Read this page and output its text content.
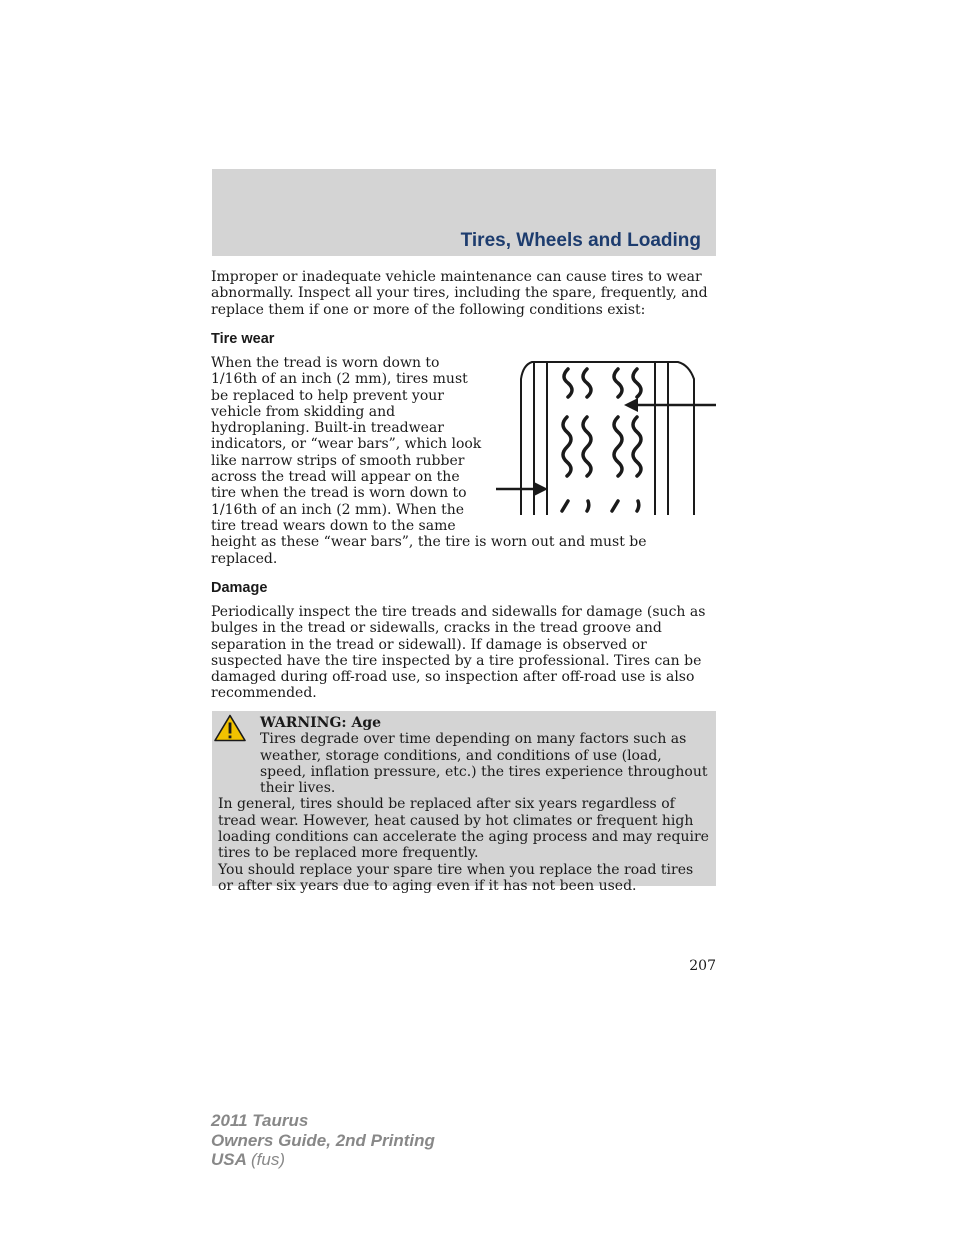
Tires, Wheels and Loading

Improper or inadequate vehicle maintenance can cause tires to wear abnormally. Inspect all your tires, including the spare, frequently, and replace them if one or more of the following conditions exist:

Tire wear

When the tread is worn down to 1/16th of an inch (2 mm), tires must be replaced to help prevent your vehicle from skidding and hydroplaning. Built-in treadwear indicators, or “wear bars”, which look like narrow strips of smooth rubber across the tread will appear on the tire when the tread is worn down to 1/16th of an inch (2 mm). When the tire tread wears down to the same height as these “wear bars”, the tire is worn out and must be replaced.

Damage

Periodically inspect the tire treads and sidewalls for damage (such as bulges in the tread or sidewalls, cracks in the tread groove and separation in the tread or sidewall). If damage is observed or suspected have the tire inspected by a tire professional. Tires can be damaged during off-road use, so inspection after off-road use is also recommended.

WARNING: Age

Tires degrade over time depending on many factors such as weather, storage conditions, and conditions of use (load, speed, inflation pressure, etc.) the tires experience throughout their lives.

In general, tires should be replaced after six years regardless of tread wear. However, heat caused by hot climates or frequent high loading conditions can accelerate the aging process and may require tires to be replaced more frequently.

You should replace your spare tire when you replace the road tires or after six years due to aging even if it has not been used.

207
2011 Taurus
Owners Guide, 2nd Printing
USA (fus)
